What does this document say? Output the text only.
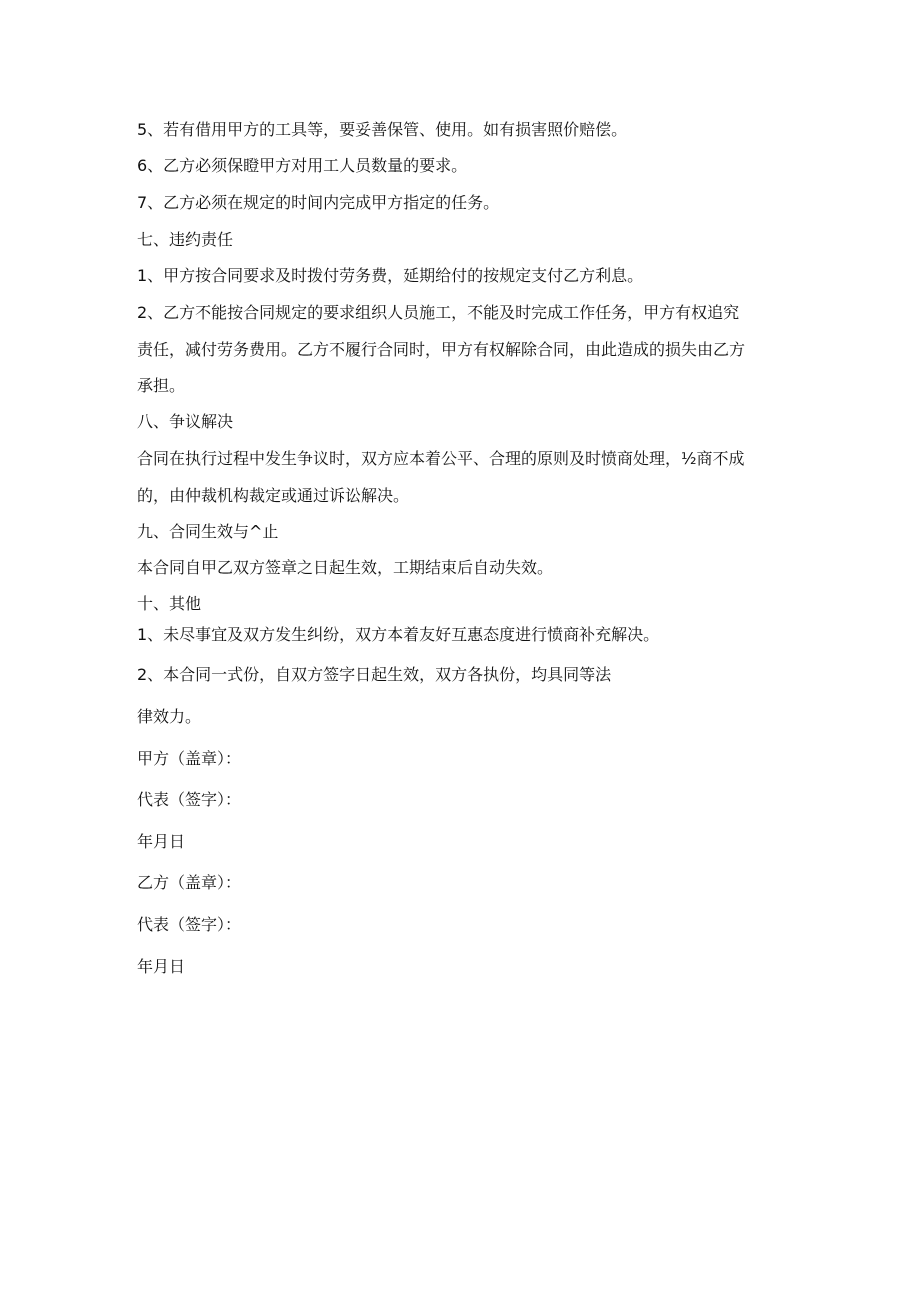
5、若有借用甲方的工具等，要妥善保管、使用。如有损害照价赔偿。

6、乙方必须保瞪甲方对用工人员数量的要求。

7、乙方必须在规定的时间内完成甲方指定的任务。

七、违约责任

1、甲方按合同要求及时拨付劳务费，延期给付的按规定支付乙方利息。

2、乙方不能按合同规定的要求组织人员施工，不能及时完成工作任务，甲方有权追究

责任，减付劳务费用。乙方不履行合同时，甲方有权解除合同，由此造成的损失由乙方

承担。

八、争议解决

合同在执行过程中发生争议时，双方应本着公平、合理的原则及时愤商处理，½商不成

的，由仲裁机构裁定或通过诉讼解决。

九、合同生效与^止

本合同自甲乙双方签章之日起生效，工期结束后自动失效。

十、其他

1、未尽事宜及双方发生纠纷，双方本着友好互惠态度进行愤商补充解决。

2、本合同一式份，自双方签字日起生效，双方各执份，均具同等法

律效力。

甲方（盖章）：

代表（签字）：

年月日

乙方（盖章）：

代表（签字）：

年月日
